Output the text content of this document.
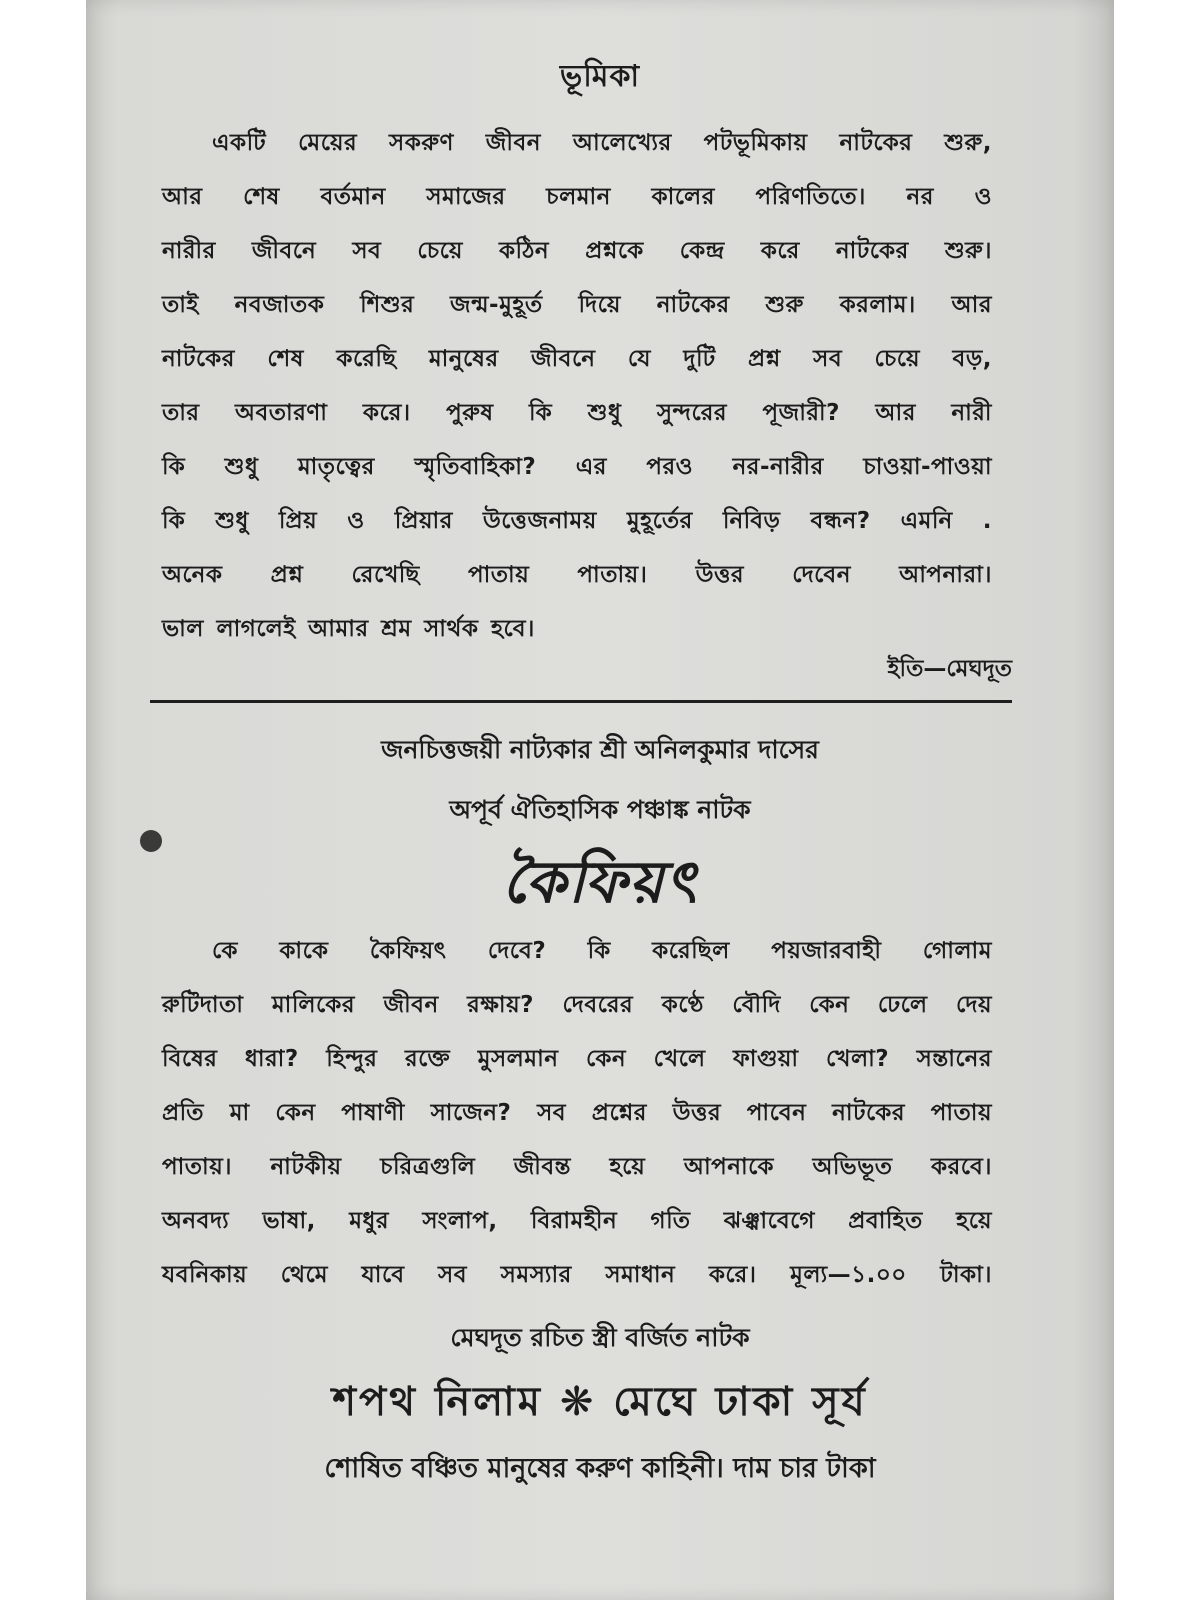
ভূমিকা
একটি মেয়ের সকরুণ জীবন আলেখ্যের পটভূমিকায় নাটকের শুরু,
আর শেষ বর্তমান সমাজের চলমান কালের পরিণতিতে। নর ও
নারীর জীবনে সব চেয়ে কঠিন প্রশ্নকে কেন্দ্র করে নাটকের শুরু।
তাই নবজাতক শিশুর জন্ম-মুহূর্ত দিয়ে নাটকের শুরু করলাম। আর
নাটকের শেষ করেছি মানুষের জীবনে যে দুটি প্রশ্ন সব চেয়ে বড়,
তার অবতারণা করে। পুরুষ কি শুধু সুন্দরের পূজারী? আর নারী
কি শুধু মাতৃত্বের স্মৃতিবাহিকা? এর পরও নর-নারীর চাওয়া-পাওয়া
কি শুধু প্রিয় ও প্রিয়ার উত্তেজনাময় মুহূর্তের নিবিড় বন্ধন? এমনি .
অনেক প্রশ্ন রেখেছি পাতায় পাতায়। উত্তর দেবেন আপনারা।
ভাল লাগলেই আমার শ্রম সার্থক হবে।
ইতি—মেঘদূত
জনচিত্তজয়ী নাট্যকার শ্রী অনিলকুমার দাসের
অপূর্ব ঐতিহাসিক পঞ্চাঙ্ক নাটক
কৈফিয়ৎ
কে কাকে কৈফিয়ৎ দেবে? কি করেছিল পয়জারবাহী গোলাম
রুটিদাতা মালিকের জীবন রক্ষায়? দেবরের কণ্ঠে বৌদি কেন ঢেলে দেয়
বিষের ধারা? হিন্দুর রক্তে মুসলমান কেন খেলে ফাগুয়া খেলা? সন্তানের
প্রতি মা কেন পাষাণী সাজেন? সব প্রশ্নের উত্তর পাবেন নাটকের পাতায়
পাতায়। নাটকীয় চরিত্রগুলি জীবন্ত হয়ে আপনাকে অভিভূত করবে।
অনবদ্য ভাষা, মধুর সংলাপ, বিরামহীন গতি ঝঞ্ঝাবেগে প্রবাহিত হয়ে
যবনিকায় থেমে যাবে সব সমস্যার সমাধান করে। মূল্য—১.০০ টাকা।
মেঘদূত রচিত স্ত্রী বর্জিত নাটক
শপথ নিলাম ❋ মেঘে ঢাকা সূর্য
শোষিত বঞ্চিত মানুষের করুণ কাহিনী। দাম চার টাকা
